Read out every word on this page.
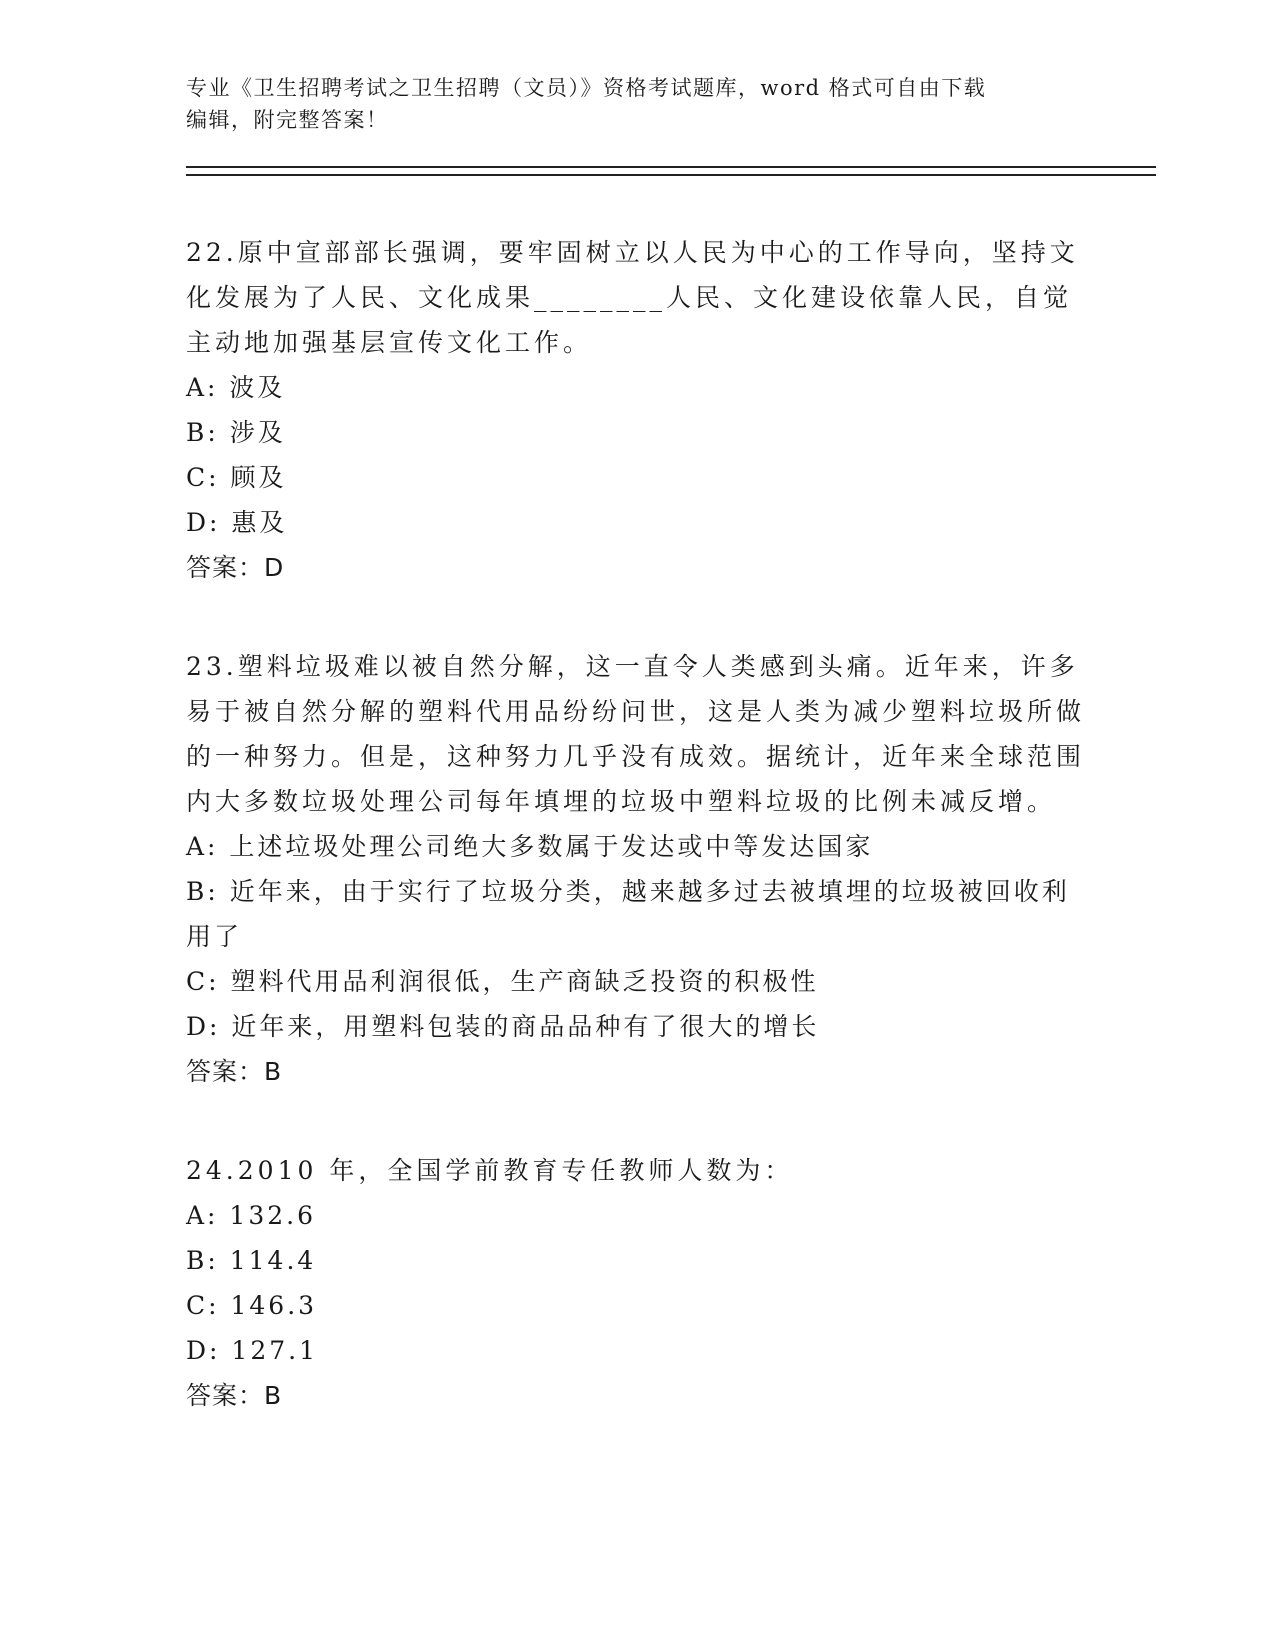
专业《卫生招聘考试之卫生招聘（文员）》资格考试题库，word 格式可自由下载
编辑，附完整答案！

22.原中宣部部长强调，要牢固树立以人民为中心的工作导向，坚持文化发展为了人民、文化成果________人民、文化建设依靠人民，自觉主动地加强基层宣传文化工作。

A: 波及

B: 涉及

C: 顾及

D: 惠及

答案：D

23.塑料垃圾难以被自然分解，这一直令人类感到头痛。近年来，许多易于被自然分解的塑料代用品纷纷问世，这是人类为减少塑料垃圾所做的一种努力。但是，这种努力几乎没有成效。据统计，近年来全球范围内大多数垃圾处理公司每年填埋的垃圾中塑料垃圾的比例未减反增。

A: 上述垃圾处理公司绝大多数属于发达或中等发达国家

B: 近年来，由于实行了垃圾分类，越来越多过去被填埋的垃圾被回收利用了

C: 塑料代用品利润很低，生产商缺乏投资的积极性

D: 近年来，用塑料包装的商品品种有了很大的增长

答案：B

24.2010 年，全国学前教育专任教师人数为：

A: 132.6

B: 114.4

C: 146.3

D: 127.1

答案：B
